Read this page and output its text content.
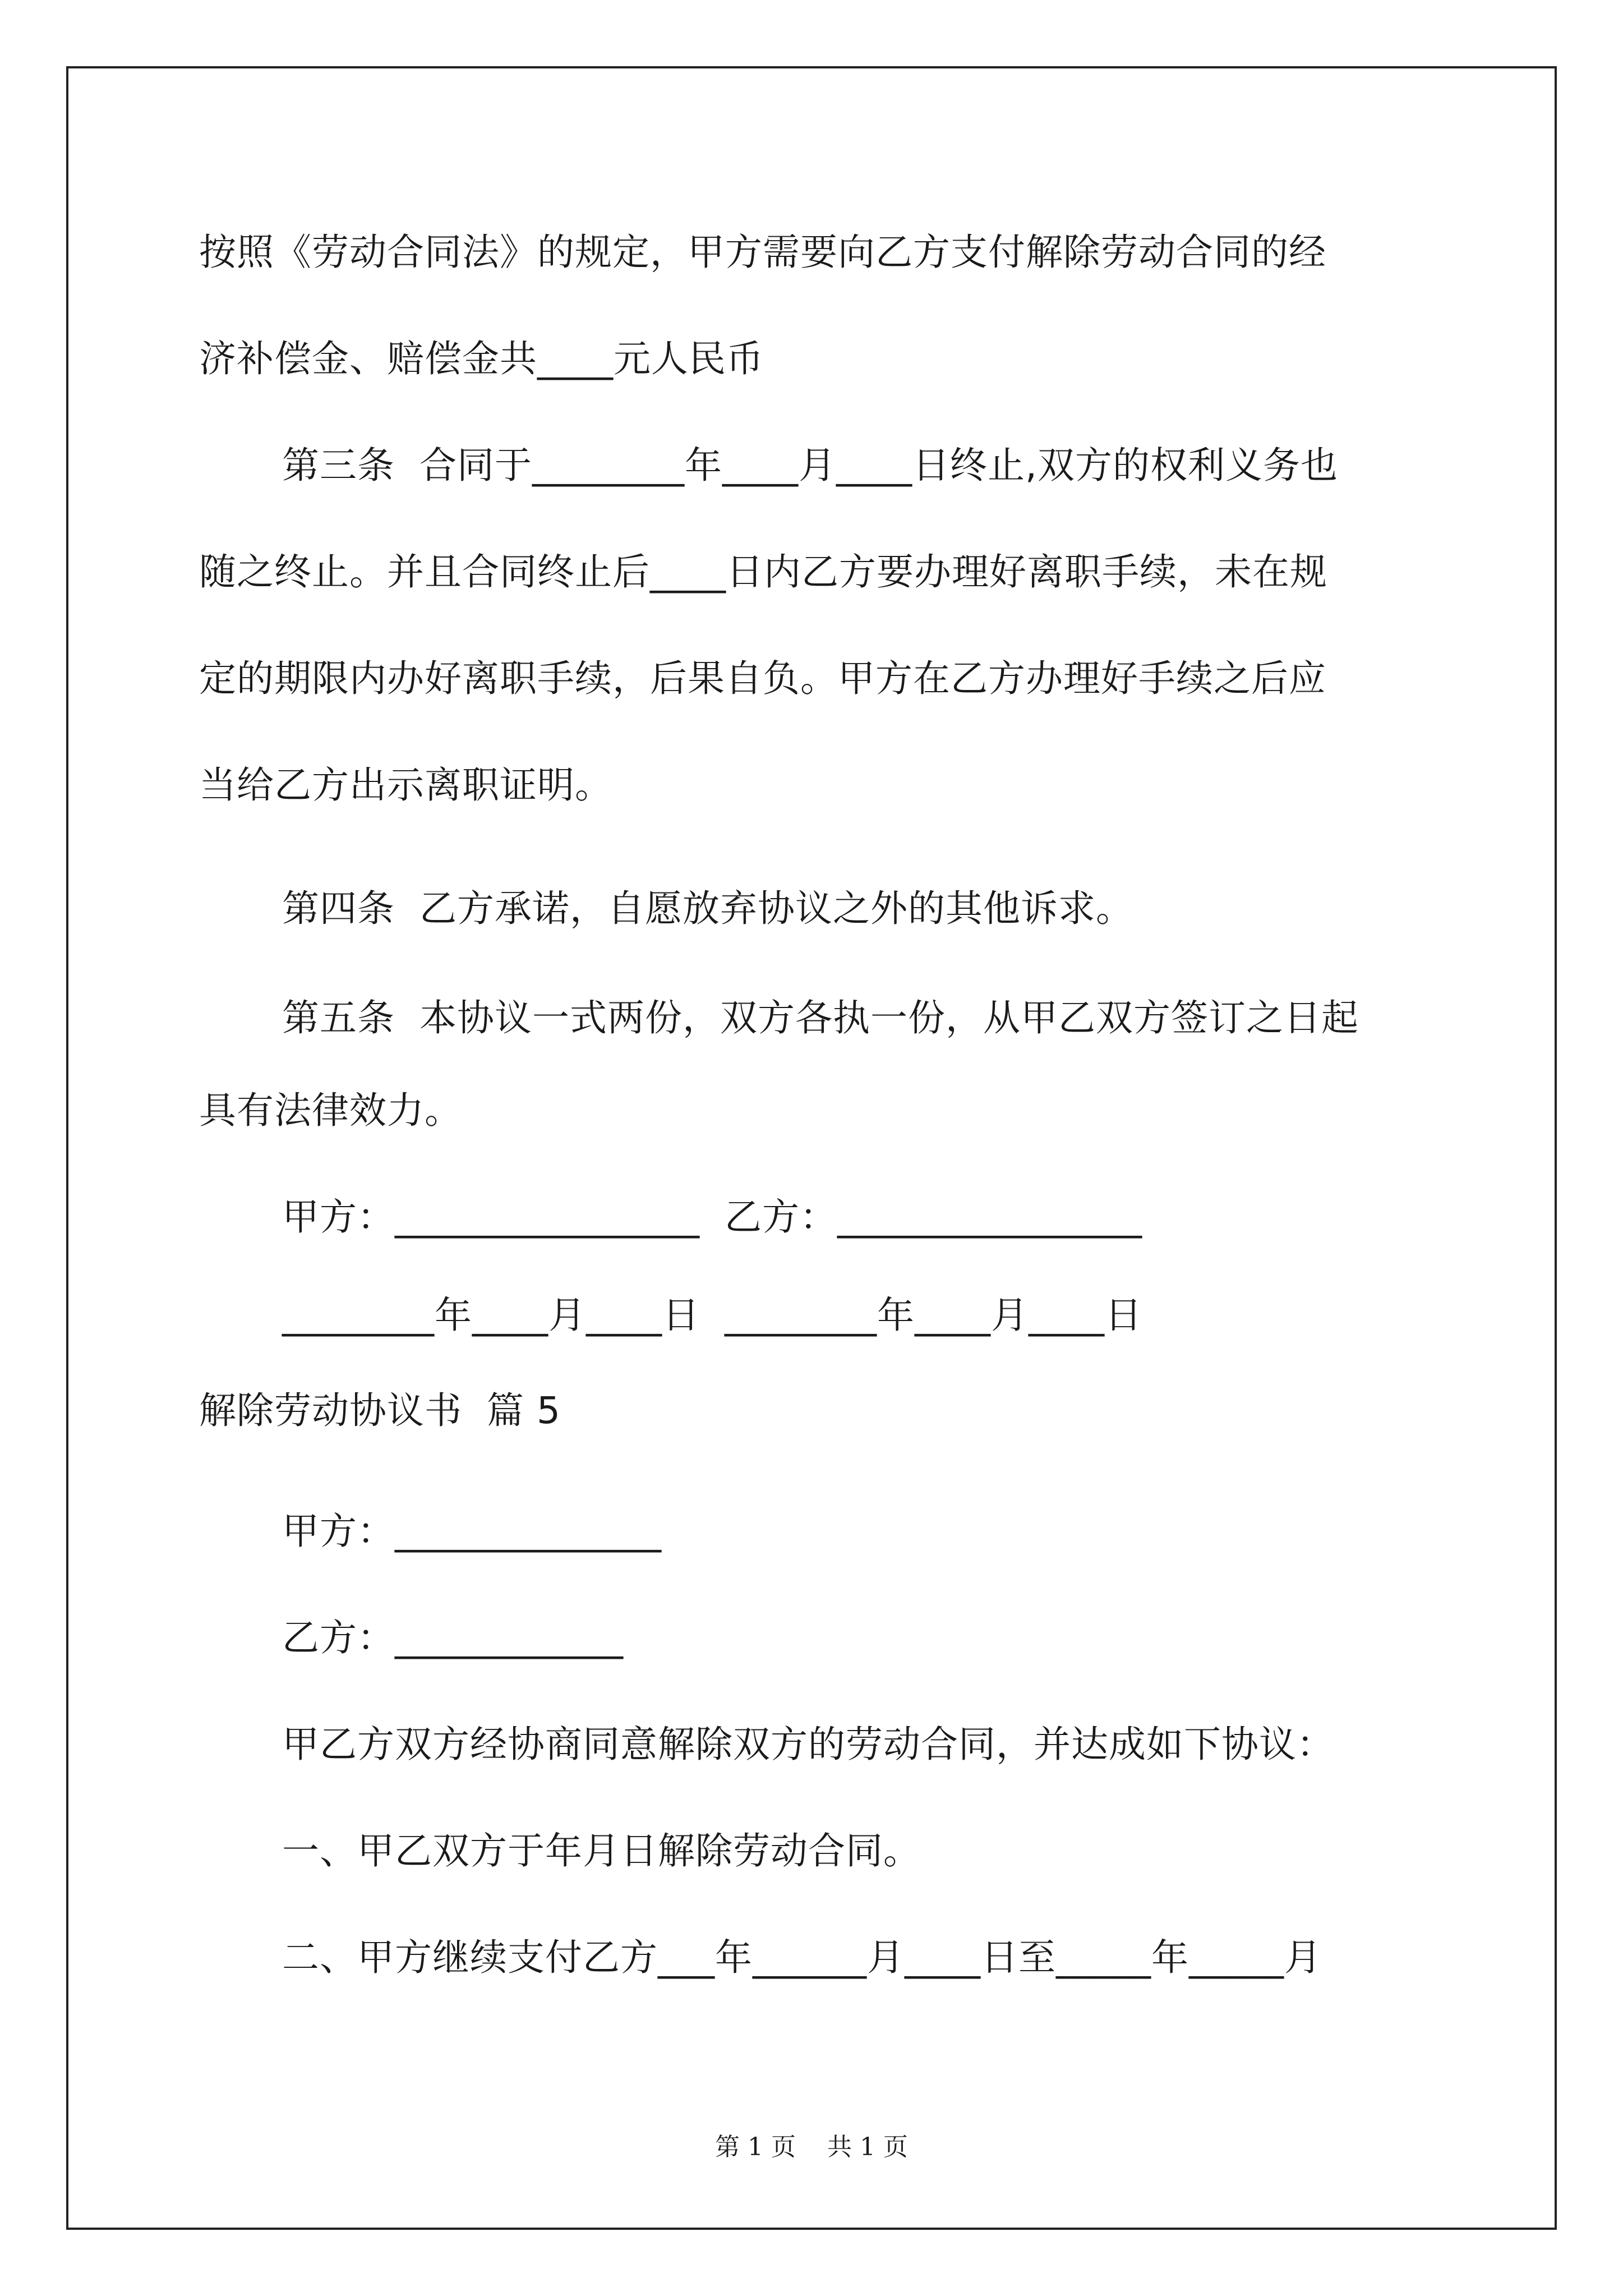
按照《劳动合同法》的规定，甲方需要向乙方支付解除劳动合同的经
济补偿金、赔偿金共____元人民币
第三条  合同于________年____月____日终止,双方的权利义务也
随之终止。并且合同终止后____日内乙方要办理好离职手续，未在规
定的期限内办好离职手续，后果自负。甲方在乙方办理好手续之后应
当给乙方出示离职证明。
第四条  乙方承诺，自愿放弃协议之外的其他诉求。
第五条  本协议一式两份，双方各执一份，从甲乙双方签订之日起
具有法律效力。
甲方：________________  乙方：________________
________年____月____日  ________年____月____日
解除劳动协议书  篇 5
甲方：______________
乙方：____________
甲乙方双方经协商同意解除双方的劳动合同，并达成如下协议：
一、甲乙双方于年月日解除劳动合同。
二、甲方继续支付乙方___年______月____日至_____年_____月
第 1 页    共 1 页
